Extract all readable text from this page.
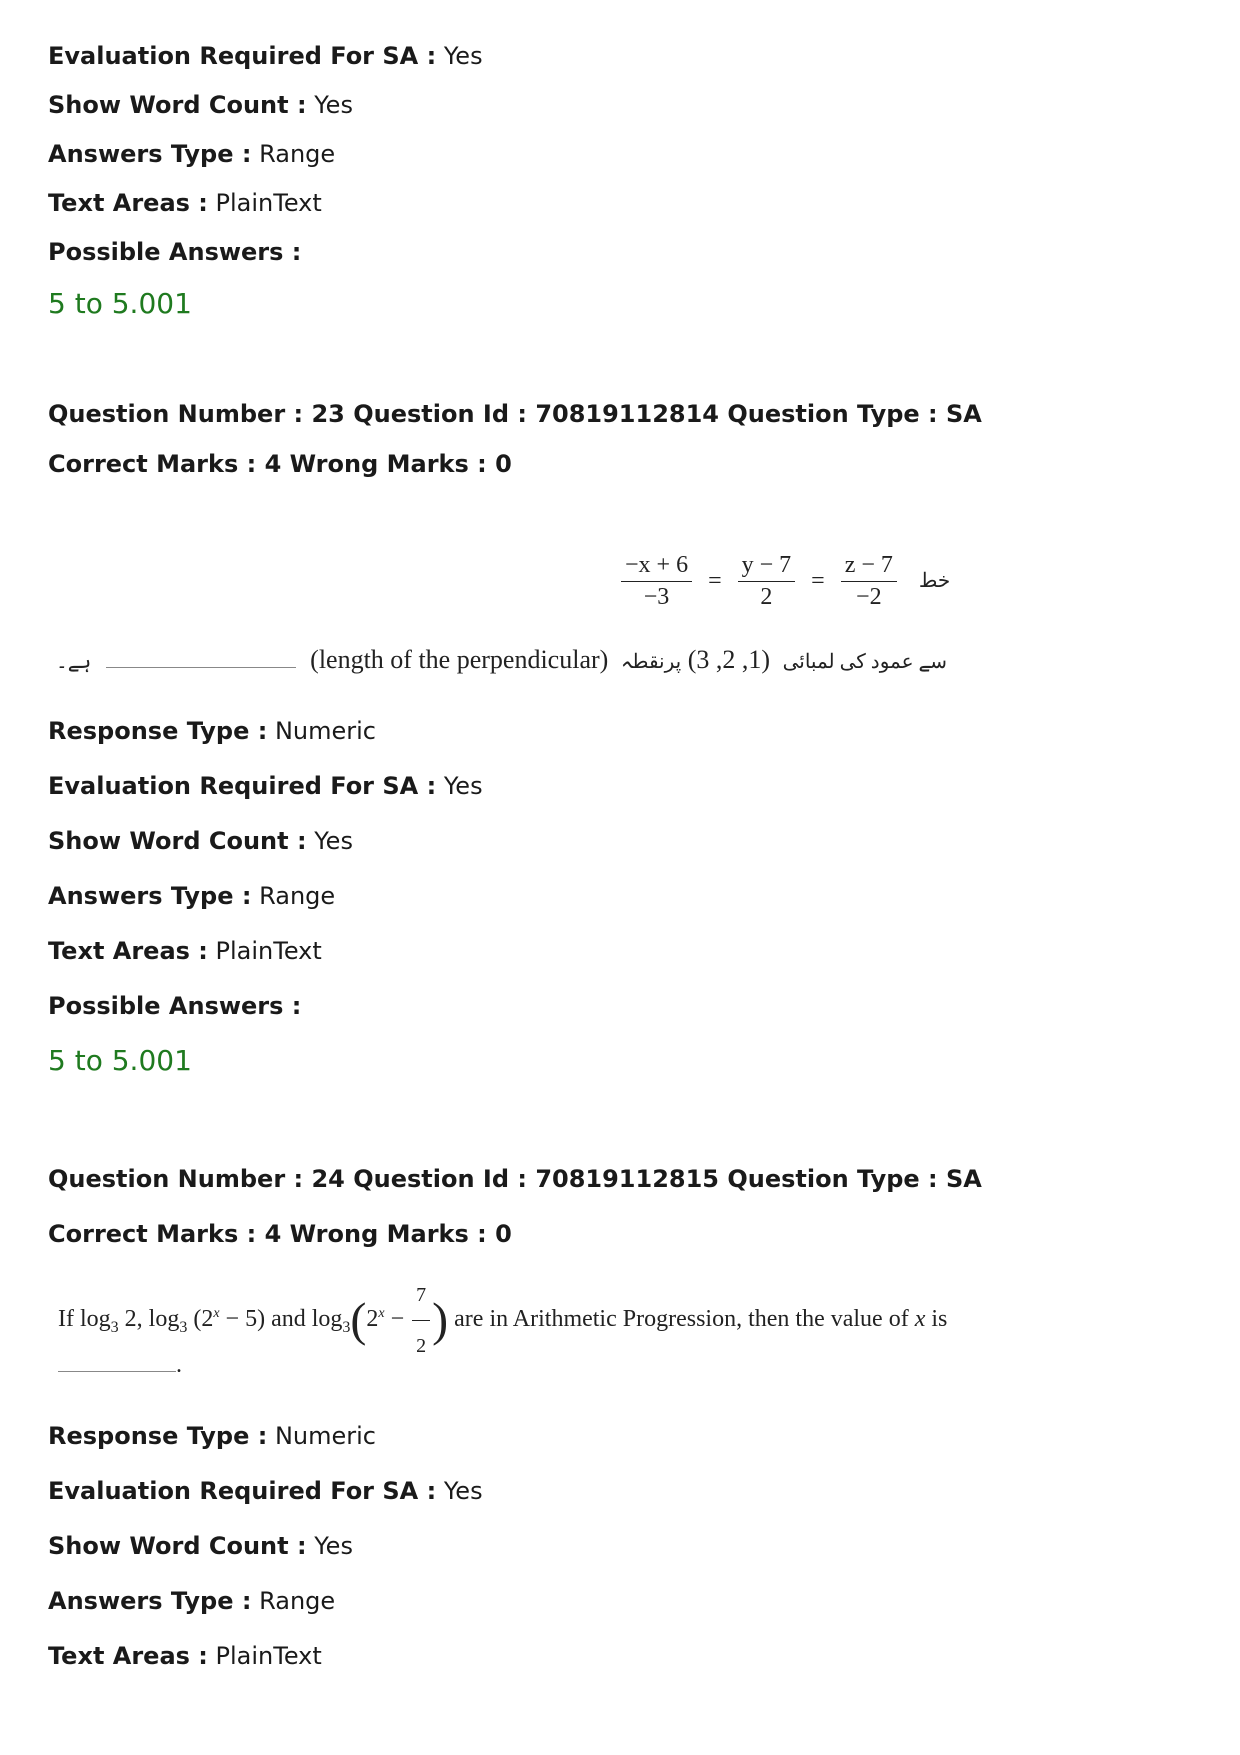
Evaluation Required For SA : Yes
Show Word Count : Yes
Answers Type : Range
Text Areas : PlainText
Possible Answers :
5 to 5.001
Question Number : 23 Question Id : 70819112814 Question Type : SA
Correct Marks : 4 Wrong Marks : 0
$\frac{-x + 6}{-3} = \frac{y - 7}{2} = \frac{z - 7}{-2}$ خط
ہے۔	(length of the perpendicular)	سے عمود کی لمبائی (1, 2, 3) پرنقطہ
Response Type : Numeric
Evaluation Required For SA : Yes
Show Word Count : Yes
Answers Type : Range
Text Areas : PlainText
Possible Answers :
5 to 5.001
Question Number : 24 Question Id : 70819112815 Question Type : SA
Correct Marks : 4 Wrong Marks : 0
If $\log_3 2$, $\log_3 (2^x - 5)$ and $\log_3(2^x - \frac{7}{2}$ ) are in Arithmetic Progression, then the value of x is
.
Response Type : Numeric
Evaluation Required For SA : Yes
Show Word Count : Yes
Answers Type : Range
Text Areas : PlainText
